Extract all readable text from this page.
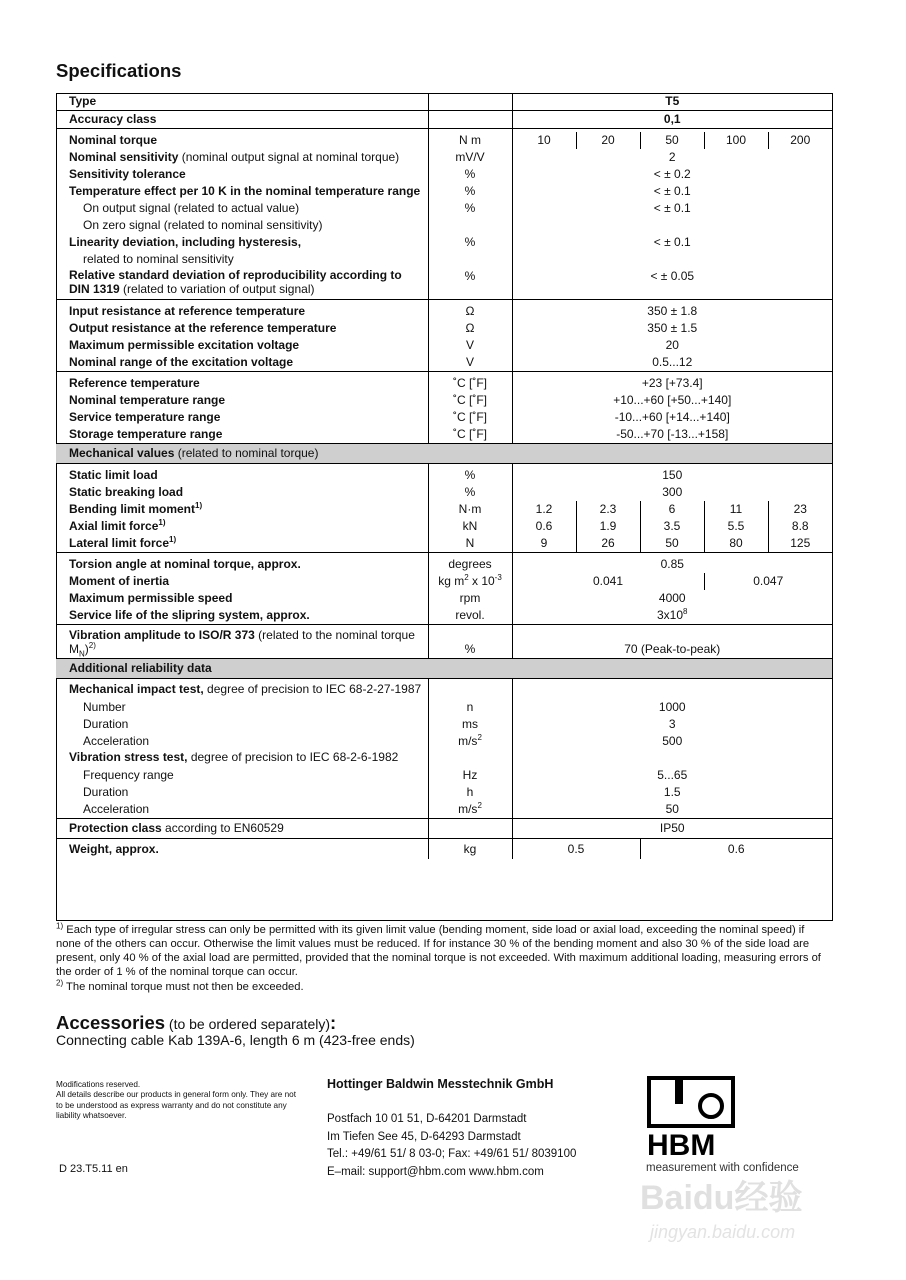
Specifications
Type		T5				
Accuracy class		0,1				

Nominal torque	N m	10	20	50	100	200
Nominal sensitivity (nominal output signal at nominal torque)	mV/V	2				
Sensitivity tolerance	%	< ± 0.2				
Temperature effect per 10 K in the nominal temperature range	%	< ± 0.1				
On output signal (related to actual value)	%	< ± 0.1				
On zero signal (related to nominal sensitivity)						
Linearity deviation, including hysteresis,	%	< ± 0.1				
related to nominal sensitivity						
Relative standard deviation of reproducibility according to DIN 1319 (related to variation of output signal)	%	< ± 0.05				

Input resistance at reference temperature	Ω	350 ± 1.8				
Output resistance at the reference temperature	Ω	350 ± 1.5				
Maximum permissible excitation voltage	V	20				
Nominal range of the excitation voltage	V	0.5...12				

Reference temperature	˚C [˚F]	+23 [+73.4]				
Nominal temperature range	˚C [˚F]	+10...+60 [+50...+140]				
Service temperature range	˚C [˚F]	-10...+60 [+14...+140]				
Storage temperature range	˚C [˚F]	-50...+70 [-13...+158]				
Mechanical values (related to nominal torque)						

Static limit load	%	150				
Static breaking load	%	300				
Bending limit moment$^{1)}$	N·m	1.2	2.3	6	11	23
Axial limit force$^{1)}$	kN	0.6	1.9	3.5	5.5	8.8
Lateral limit force$^{1)}$	N	9	26	50	80	125

Torsion angle at nominal torque, approx.	degrees	0.85				
Moment of inertia	kg $m^2$ x $10^{-3}$	0.041			0.047	
Maximum permissible speed	rpm	4000				
Service life of the slipring system, approx.	revol.	$3x10^8$

Vibration amplitude to ISO/R 373 (related to the nominal torque $M_N)^{2)}$	%	70 (Peak-to-peak)				
Additional reliability data						

Mechanical impact test, degree of precision to IEC 68-2-27-1987						
Number	n	1000				
Duration	ms	3				
Acceleration	$m/s^2$	500				
Vibration stress test, degree of precision to IEC 68-2-6-1982						
Frequency range	Hz	5...65				
Duration	h	1.5				
Acceleration	$m/s^2$	50				
Protection class according to EN60529		IP50				
Weight, approx.	kg	0.5		0.6		
$^{1)}$ Each type of irregular stress can only be permitted with its given limit value (bending moment, side load or axial load, exceeding the nominal speed) if none of the others can occur. Otherwise the limit values must be reduced. If for instance 30 % of the bending moment and also 30 % of the side load are present, only 40 % of the axial load are permitted, provided that the nominal torque is not exceeded. With maximum additional loading, measuring errors of the order of 1 % of the nominal torque can occur.
$^{2)}$ The nominal torque must not then be exceeded.
Accessories (to be ordered separately):
Connecting cable Kab 139A-6, length 6 m (423-free ends)
Modifications reserved.
All details describe our products in general form only. They are not to be understood as express warranty and do not constitute any liability whatsoever.
D 23.T5.11 en
Hottinger Baldwin Messtechnik GmbH
Postfach 10 01 51, D-64201 Darmstadt
Im Tiefen See 45, D-64293 Darmstadt
Tel.: +49/61 51/ 8 03-0; Fax: +49/61 51/ 8039100
E–mail: support@hbm.com www.hbm.com
HBM
measurement with confidence
Baidu经验
jingyan.baidu.com
